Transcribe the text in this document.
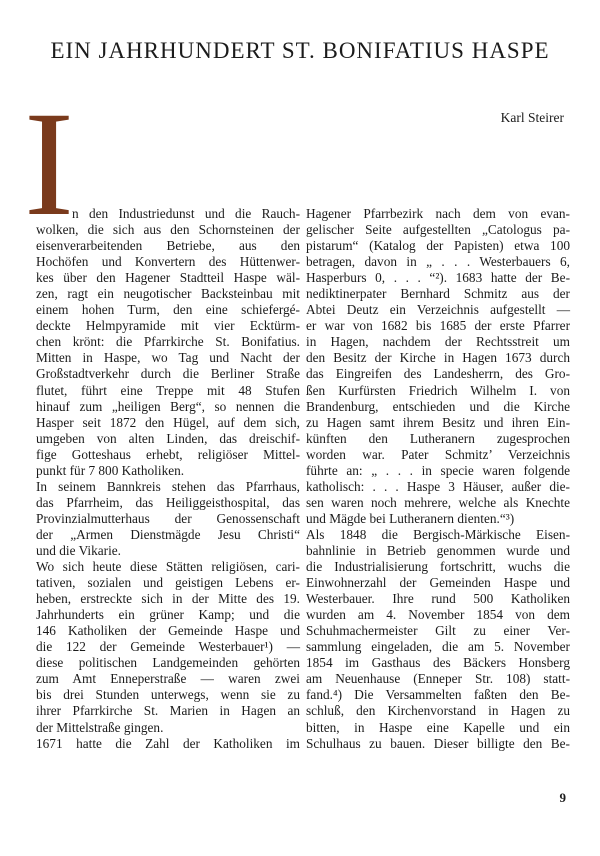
EIN JAHRHUNDERT ST. BONIFATIUS HASPE

Karl Steirer

I
n den Industriedunst und die Rauch-
wolken, die sich aus den Schornsteinen der
eisenverarbeitenden Betriebe, aus den
Hochöfen und Konvertern des Hüttenwer-
kes über den Hagener Stadtteil Haspe wäl-
zen, ragt ein neugotischer Backsteinbau mit
einem hohen Turm, den eine schiefergé-
deckte Helmpyramide mit vier Ecktürm-
chen krönt: die Pfarrkirche St. Bonifatius.
Mitten in Haspe, wo Tag und Nacht der
Großstadtverkehr durch die Berliner Straße
flutet, führt eine Treppe mit 48 Stufen
hinauf zum „heiligen Berg“, so nennen die
Hasper seit 1872 den Hügel, auf dem sich,
umgeben von alten Linden, das dreischif-
fige Gotteshaus erhebt, religiöser Mittel-
punkt für 7 800 Katholiken.
In seinem Bannkreis stehen das Pfarrhaus,
das Pfarrheim, das Heiliggeisthospital, das
Provinzialmutterhaus der Genossenschaft
der „Armen Dienstmägde Jesu Christi“
und die Vikarie.
Wo sich heute diese Stätten religiösen, cari-
tativen, sozialen und geistigen Lebens er-
heben, erstreckte sich in der Mitte des 19.
Jahrhunderts ein grüner Kamp; und die
146 Katholiken der Gemeinde Haspe und
die 122 der Gemeinde Westerbauer¹) —
diese politischen Landgemeinden gehörten
zum Amt Enneperstraße — waren zwei
bis drei Stunden unterwegs, wenn sie zu
ihrer Pfarrkirche St. Marien in Hagen an
der Mittelstraße gingen.
1671 hatte die Zahl der Katholiken im
Hagener Pfarrbezirk nach dem von evan-
gelischer Seite aufgestellten „Catologus pa-
pistarum“ (Katalog der Papisten) etwa 100
betragen, davon in „ . . . Westerbauers 6,
Hasperburs 0, . . . “²). 1683 hatte der Be-
nediktinerpater Bernhard Schmitz aus der
Abtei Deutz ein Verzeichnis aufgestellt —
er war von 1682 bis 1685 der erste Pfarrer
in Hagen, nachdem der Rechtsstreit um
den Besitz der Kirche in Hagen 1673 durch
das Eingreifen des Landesherrn, des Gro-
ßen Kurfürsten Friedrich Wilhelm I. von
Brandenburg, entschieden und die Kirche
zu Hagen samt ihrem Besitz und ihren Ein-
künften den Lutheranern zugesprochen
worden war. Pater Schmitz’ Verzeichnis
führte an: „ . . . in specie waren folgende
katholisch: . . . Haspe 3 Häuser, außer die-
sen waren noch mehrere, welche als Knechte
und Mägde bei Lutheranern dienten.“³)
Als 1848 die Bergisch-Märkische Eisen-
bahnlinie in Betrieb genommen wurde und
die Industrialisierung fortschritt, wuchs die
Einwohnerzahl der Gemeinden Haspe und
Westerbauer. Ihre rund 500 Katholiken
wurden am 4. November 1854 von dem
Schuhmachermeister Gilt zu einer Ver-
sammlung eingeladen, die am 5. November
1854 im Gasthaus des Bäckers Honsberg
am Neuenhause (Enneper Str. 108) statt-
fand.⁴) Die Versammelten faßten den Be-
schluß, den Kirchenvorstand in Hagen zu
bitten, in Haspe eine Kapelle und ein
Schulhaus zu bauen. Dieser billigte den Be-

9
